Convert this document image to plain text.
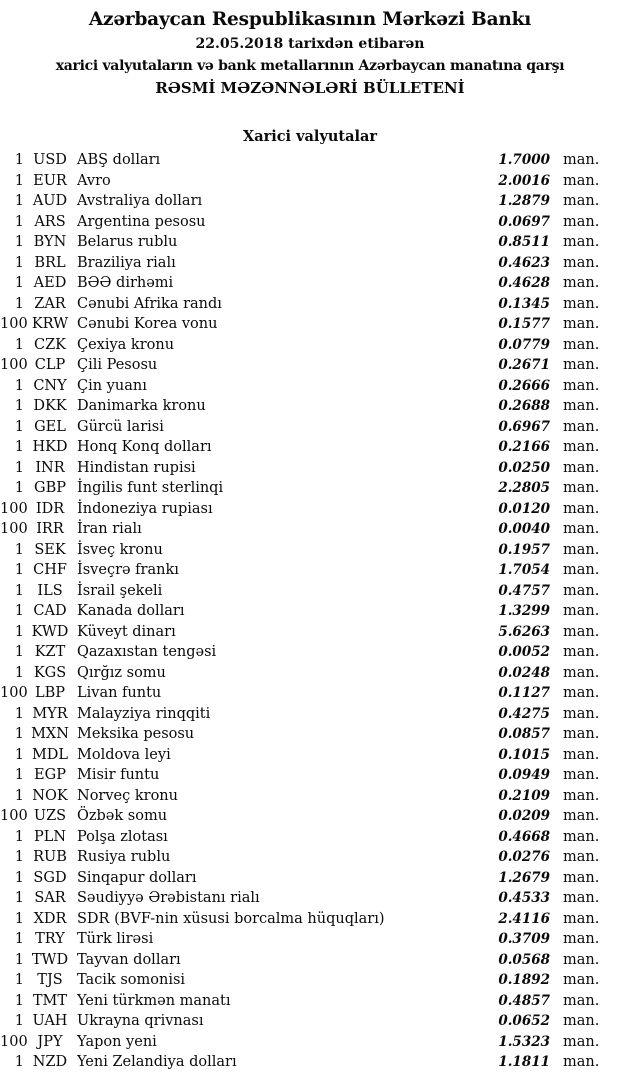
Azərbaycan Respublikasının Mərkəzi Bankı
22.05.2018 tarixdən etibarən
xarici valyutaların və bank metallarının Azərbaycan manatına qarşı
RƏSMİ MƏZƏNNƏLƏRİ BÜLLETENİ
Xarici valyutalar
1 USD ABŞ dolları	1.7000 man.
1 EUR Avro	2.0016 man.
1 AUD Avstraliya dolları	1.2879 man.
1 ARS Argentina pesosu	0.0697 man.
1 BYN Belarus rublu	0.8511 man.
1 BRL Braziliya rialı	0.4623 man.
1 AED BƏƏ dirhəmi	0.4628 man.
1 ZAR Cənubi Afrika randı	0.1345 man.
100 KRW Cənubi Korea vonu	0.1577 man.
1 CZK Çexiya kronu	0.0779 man.
100 CLP Çili Pesosu	0.2671 man.
1 CNY Çin yuanı	0.2666 man.
1 DKK Danimarka kronu	0.2688 man.
1 GEL Gürcü larisi	0.6967 man.
1 HKD Honq Konq dolları	0.2166 man.
1 INR Hindistan rupisi	0.0250 man.
1 GBP İngilis funt sterlinqi	2.2805 man.
100 IDR İndoneziya rupiası	0.0120 man.
100 IRR İran rialı	0.0040 man.
1 SEK İsveç kronu	0.1957 man.
1 CHF İsveçrə frankı	1.7054 man.
1 ILS İsrail şekeli	0.4757 man.
1 CAD Kanada dolları	1.3299 man.
1 KWD Küveyt dinarı	5.6263 man.
1 KZT Qazaxıstan tengəsi	0.0052 man.
1 KGS Qırğız somu	0.0248 man.
100 LBP Livan funtu	0.1127 man.
1 MYR Malayziya rinqqiti	0.4275 man.
1 MXN Meksika pesosu	0.0857 man.
1 MDL Moldova leyi	0.1015 man.
1 EGP Misir funtu	0.0949 man.
1 NOK Norveç kronu	0.2109 man.
100 UZS Özbək somu	0.0209 man.
1 PLN Polşa zlotası	0.4668 man.
1 RUB Rusiya rublu	0.0276 man.
1 SGD Sinqapur dolları	1.2679 man.
1 SAR Səudiyyə Ərəbistanı rialı	0.4533 man.
1 XDR SDR (BVF-nin xüsusi borcalma hüquqları)	2.4116 man.
1 TRY Türk lirəsi	0.3709 man.
1 TWD Tayvan dolları	0.0568 man.
1 TJS Tacik somonisi	0.1892 man.
1 TMT Yeni türkmən manatı	0.4857 man.
1 UAH Ukrayna qrivnası	0.0652 man.
100 JPY Yapon yeni	1.5323 man.
1 NZD Yeni Zelandiya dolları	1.1811 man.
